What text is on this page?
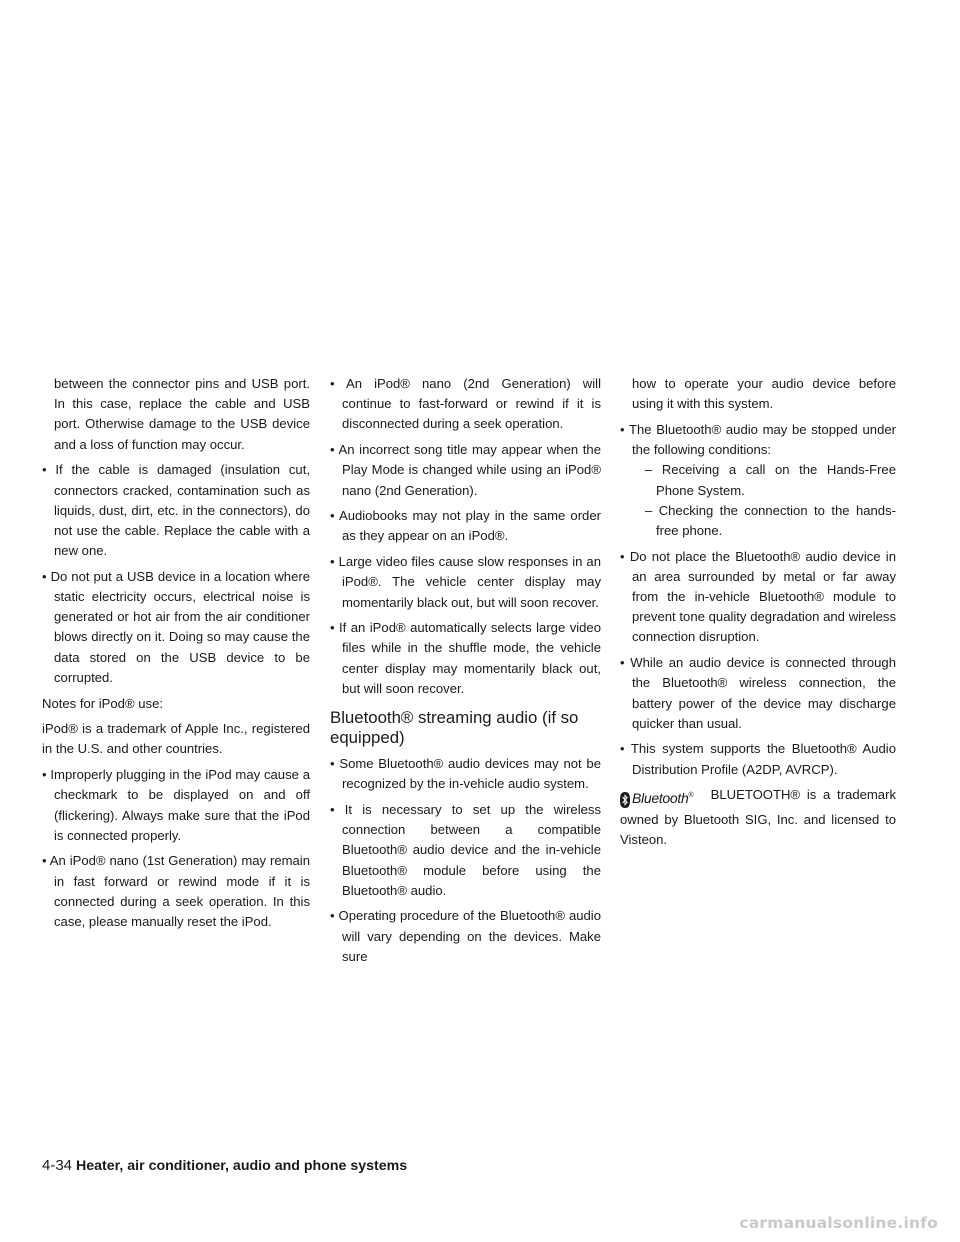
between the connector pins and USB port. In this case, replace the cable and USB port. Otherwise damage to the USB device and a loss of function may occur.

• If the cable is damaged (insulation cut, connectors cracked, contamination such as liquids, dust, dirt, etc. in the connectors), do not use the cable. Replace the cable with a new one.

• Do not put a USB device in a location where static electricity occurs, electrical noise is generated or hot air from the air conditioner blows directly on it. Doing so may cause the data stored on the USB device to be corrupted.

Notes for iPod® use:

iPod® is a trademark of Apple Inc., registered in the U.S. and other countries.

• Improperly plugging in the iPod may cause a checkmark to be displayed on and off (flickering). Always make sure that the iPod is connected properly.

• An iPod® nano (1st Generation) may remain in fast forward or rewind mode if it is connected during a seek operation. In this case, please manually reset the iPod.

• An iPod® nano (2nd Generation) will continue to fast-forward or rewind if it is disconnected during a seek operation.

• An incorrect song title may appear when the Play Mode is changed while using an iPod® nano (2nd Generation).

• Audiobooks may not play in the same order as they appear on an iPod®.

• Large video files cause slow responses in an iPod®. The vehicle center display may momentarily black out, but will soon recover.

• If an iPod® automatically selects large video files while in the shuffle mode, the vehicle center display may momentarily black out, but will soon recover.

Bluetooth® streaming audio (if so equipped)

• Some Bluetooth® audio devices may not be recognized by the in-vehicle audio system.

• It is necessary to set up the wireless connection between a compatible Bluetooth® audio device and the in-vehicle Bluetooth® module before using the Bluetooth® audio.

• Operating procedure of the Bluetooth® audio will vary depending on the devices. Make sure

how to operate your audio device before using it with this system.

• The Bluetooth® audio may be stopped under the following conditions:

– Receiving a call on the Hands-Free Phone System.

– Checking the connection to the hands-free phone.

• Do not place the Bluetooth® audio device in an area surrounded by metal or far away from the in-vehicle Bluetooth® module to prevent tone quality degradation and wireless connection disruption.

• While an audio device is connected through the Bluetooth® wireless connection, the battery power of the device may discharge quicker than usual.

• This system supports the Bluetooth® Audio Distribution Profile (A2DP, AVRCP).

Bluetooth® BLUETOOTH® is a trademark owned by Bluetooth SIG, Inc. and licensed to Visteon.

4-34 Heater, air conditioner, audio and phone systems
carmanualsonline.info
